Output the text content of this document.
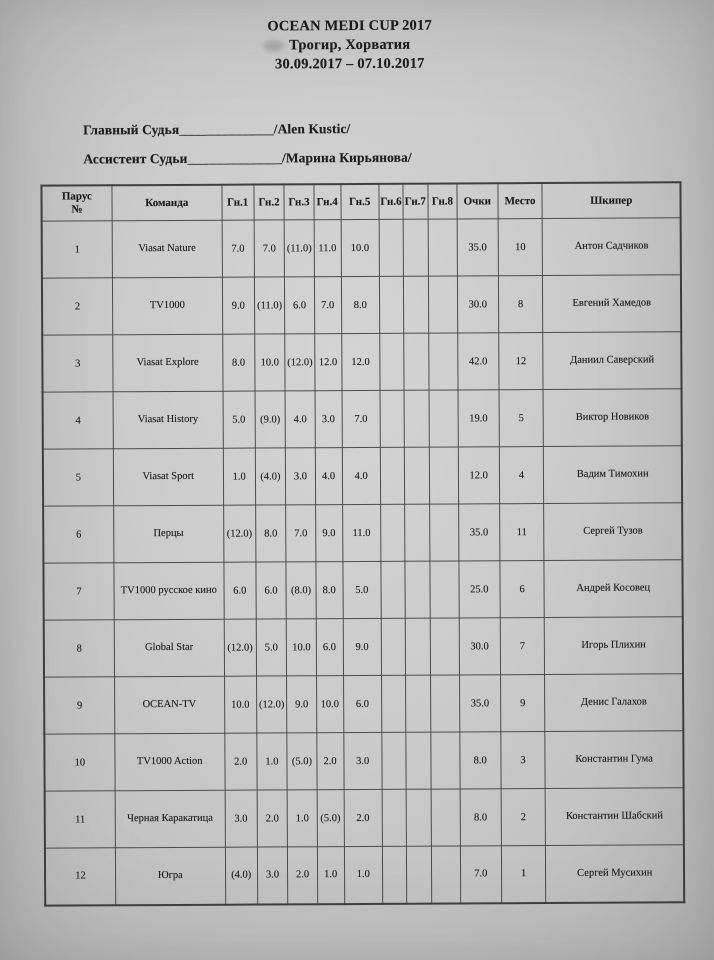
OCEAN MEDI CUP 2017
Трогир, Хорватия
30.09.2017 – 07.10.2017
Главный Судья______________/Alen Kustic/
Ассистент Судьи______________/Марина Кирьянова/
Парус
№	Команда	Гн.1	Гн.2	Гн.3	Гн.4	Гн.5	Гн.6	Гн.7	Гн.8	Очки	Место	Шкипер
1	Viasat Nature	7.0	7.0	(11.0)	11.0	10.0				35.0	10	Антон Садчиков
2	TV1000	9.0	(11.0)	6.0	7.0	8.0				30.0	8	Евгений Хамедов
3	Viasat Explore	8.0	10.0	(12.0)	12.0	12.0				42.0	12	Даниил Саверский
4	Viasat History	5.0	(9.0)	4.0	3.0	7.0				19.0	5	Виктор Новиков
5	Viasat Sport	1.0	(4.0)	3.0	4.0	4.0				12.0	4	Вадим Тимохин
6	Перцы	(12.0)	8.0	7.0	9.0	11.0				35.0	11	Сергей Тузов
7	TV1000 русское кино	6.0	6.0	(8.0)	8.0	5.0				25.0	6	Андрей Косовец
8	Global Star	(12.0)	5.0	10.0	6.0	9.0				30.0	7	Игорь Плихин
9	OCEAN-TV	10.0	(12.0)	9.0	10.0	6.0				35.0	9	Денис Галахов
10	TV1000 Action	2.0	1.0	(5.0)	2.0	3.0				8.0	3	Константин Гума
11	Черная Каракатица	3.0	2.0	1.0	(5.0)	2.0				8.0	2	Константин Шабский
12	Югра	(4.0)	3.0	2.0	1.0	1.0				7.0	1	Сергей Мусихин
